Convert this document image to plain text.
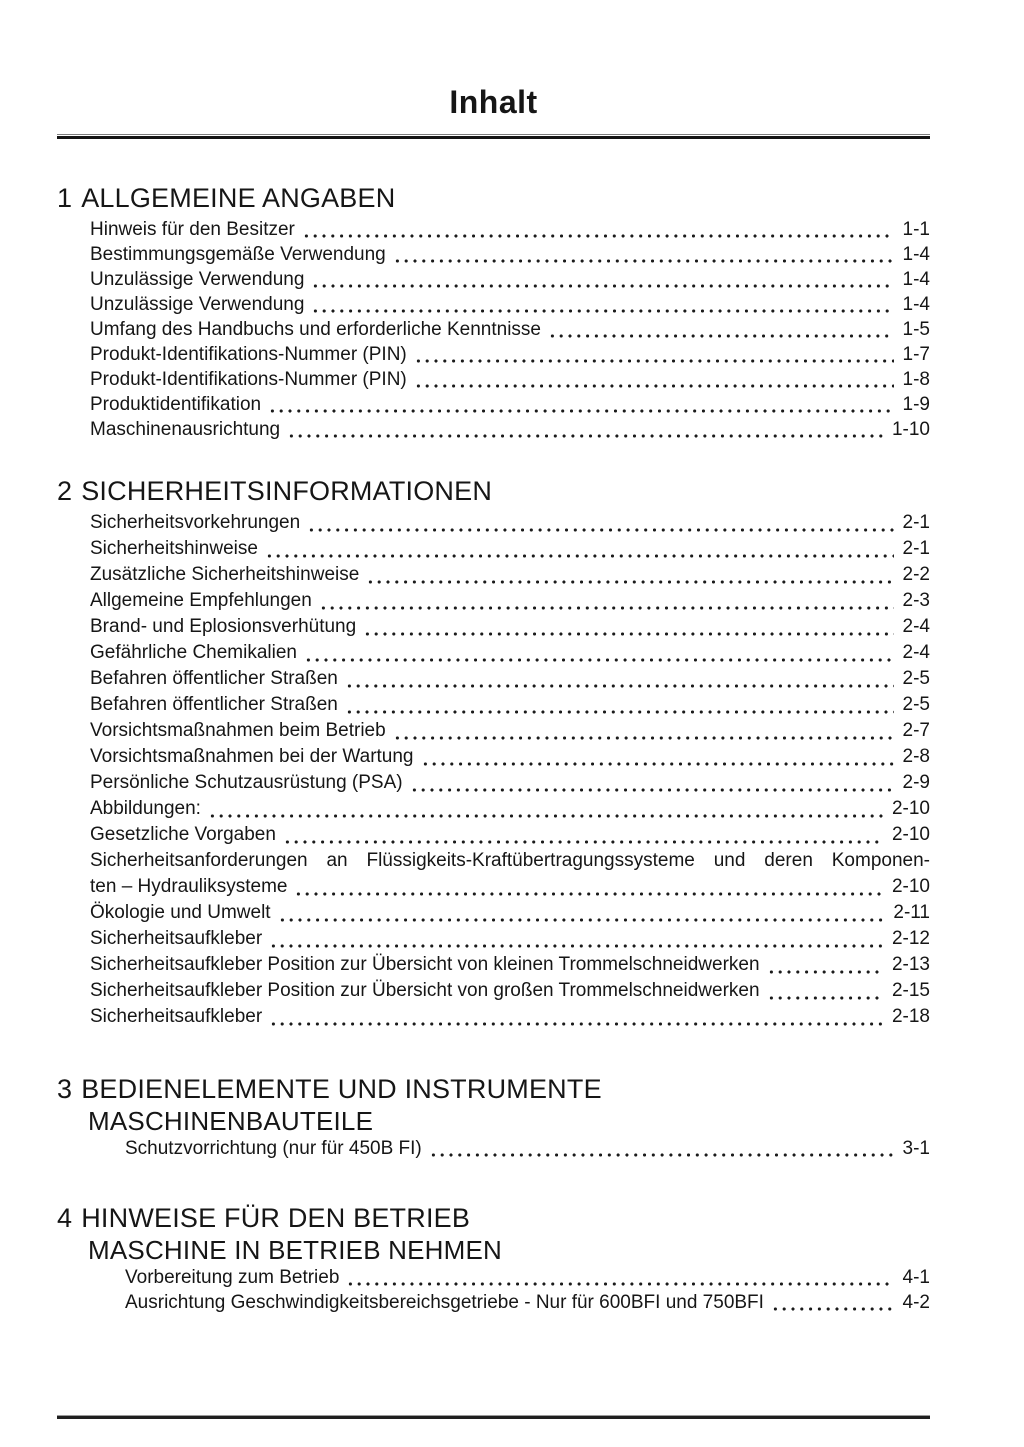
Inhalt
1 ALLGEMEINE ANGABEN
Hinweis für den Besitzer	1-1
Bestimmungsgemäße Verwendung	1-4
Unzulässige Verwendung	1-4
Unzulässige Verwendung	1-4
Umfang des Handbuchs und erforderliche Kenntnisse	1-5
Produkt-Identifikations-Nummer (PIN)	1-7
Produkt-Identifikations-Nummer (PIN)	1-8
Produktidentifikation	1-9
Maschinenausrichtung	1-10
2 SICHERHEITSINFORMATIONEN
Sicherheitsvorkehrungen	2-1
Sicherheitshinweise	2-1
Zusätzliche Sicherheitshinweise	2-2
Allgemeine Empfehlungen	2-3
Brand- und Eplosionsverhütung	2-4
Gefährliche Chemikalien	2-4
Befahren öffentlicher Straßen	2-5
Befahren öffentlicher Straßen	2-5
Vorsichtsmaßnahmen beim Betrieb	2-7
Vorsichtsmaßnahmen bei der Wartung	2-8
Persönliche Schutzausrüstung (PSA)	2-9
Abbildungen:	2-10
Gesetzliche Vorgaben	2-10
Sicherheitsanforderungen an Flüssigkeits-Kraftübertragungssysteme und deren Komponen-
ten – Hydrauliksysteme	2-10
Ökologie und Umwelt	2-11
Sicherheitsaufkleber	2-12
Sicherheitsaufkleber Position zur Übersicht von kleinen Trommelschneidwerken	2-13
Sicherheitsaufkleber Position zur Übersicht von großen Trommelschneidwerken	2-15
Sicherheitsaufkleber	2-18
3 BEDIENELEMENTE UND INSTRUMENTE
MASCHINENBAUTEILE
Schutzvorrichtung (nur für 450B FI)	3-1
4 HINWEISE FÜR DEN BETRIEB
MASCHINE IN BETRIEB NEHMEN
Vorbereitung zum Betrieb	4-1
Ausrichtung Geschwindigkeitsbereichsgetriebe - Nur für 600BFI und 750BFI	4-2
